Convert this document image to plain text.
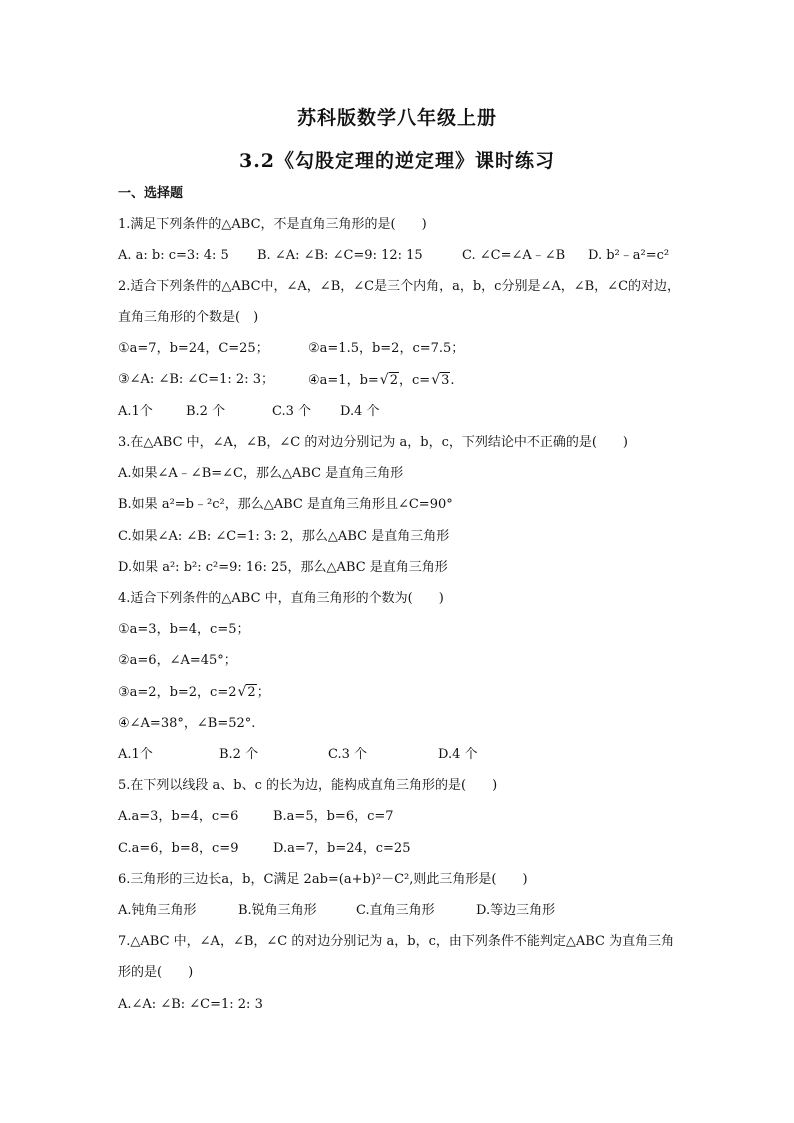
苏科版数学八年级上册
3.2《勾股定理的逆定理》课时练习
一、选择题
1.满足下列条件的△ABC，不是直角三角形的是(　　)
A. a: b: c=3: 4: 5 B. ∠A: ∠B: ∠C=9: 12: 15	C. ∠C=∠A﹣∠B D. b²﹣a²=c²
2.适合下列条件的△ABC中，∠A，∠B，∠C是三个内角，a，b，c分别是∠A，∠B，∠C的对边，
直角三角形的个数是(　)
①a=7，b=24，C=25；	②a=1.5，b=2，c=7.5；
③∠A: ∠B: ∠C=1: 2: 3；	④a=1，b=√2，c=√3.
A.1个	B.2 个	C.3 个 D.4 个
3.在△ABC 中，∠A，∠B，∠C 的对边分别记为 a，b，c，下列结论中不正确的是(　　)
A.如果∠A﹣∠B=∠C，那么△ABC 是直角三角形
B.如果 a²=b﹣²c²，那么△ABC 是直角三角形且∠C=90°
C.如果∠A: ∠B: ∠C=1: 3: 2，那么△ABC 是直角三角形
D.如果 a²: b²: c²=9: 16: 25，那么△ABC 是直角三角形
4.适合下列条件的△ABC 中，直角三角形的个数为(　　)
①a=3，b=4，c=5；
②a=6，∠A=45°；
③a=2，b=2，c=2√2；
④∠A=38°，∠B=52°.
A.1个	B.2 个	C.3 个	D.4 个
5.在下列以线段 a、b、c 的长为边，能构成直角三角形的是(　　)
A.a=3，b=4，c=6	B.a=5，b=6，c=7
C.a=6，b=8，c=9	D.a=7，b=24，c=25
6.三角形的三边长a，b，C满足 2ab=(a+b)²－C²,则此三角形是(　　)
A.钝角三角形	B.锐角三角形	C.直角三角形	D.等边三角形
7.△ABC 中，∠A，∠B，∠C 的对边分别记为 a，b，c，由下列条件不能判定△ABC 为直角三角
形的是(　　)
A.∠A: ∠B: ∠C=1: 2: 3
